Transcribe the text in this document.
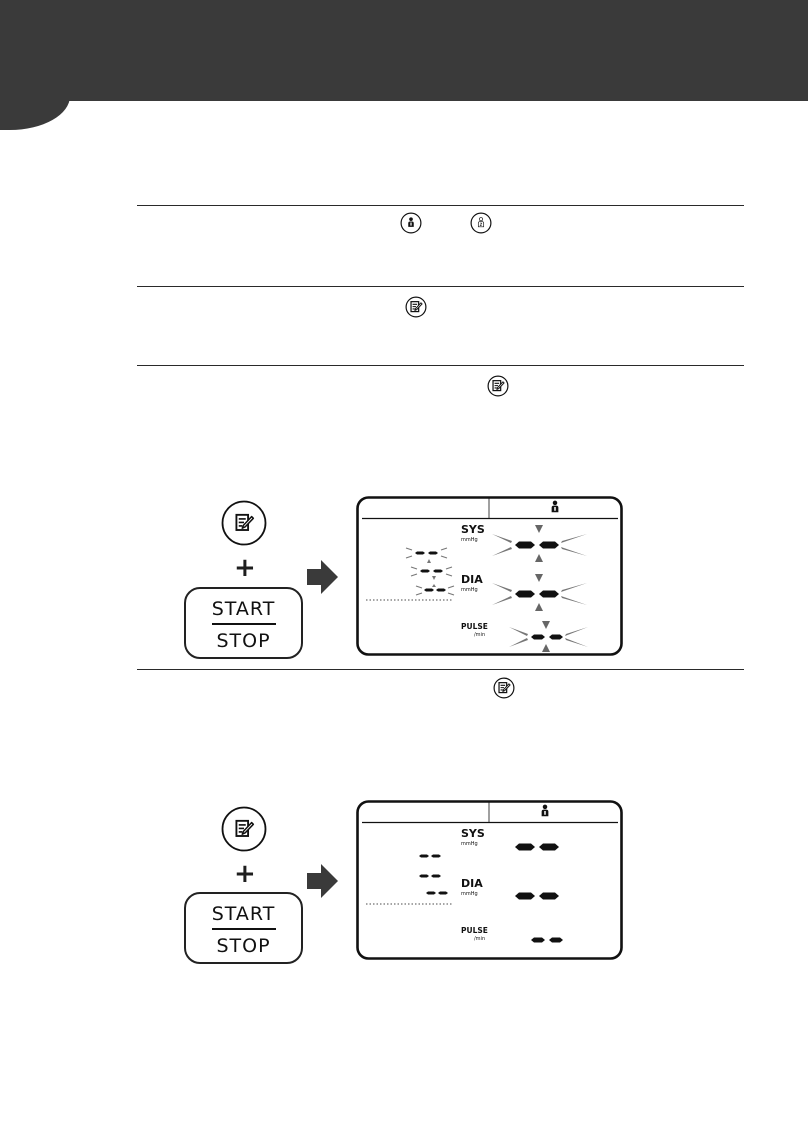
+
START
STOP
SYS
mmHg
DIA
mmHg
PULSE
/min
+
START
STOP
SYS
mmHg
DIA
mmHg
PULSE
/min
